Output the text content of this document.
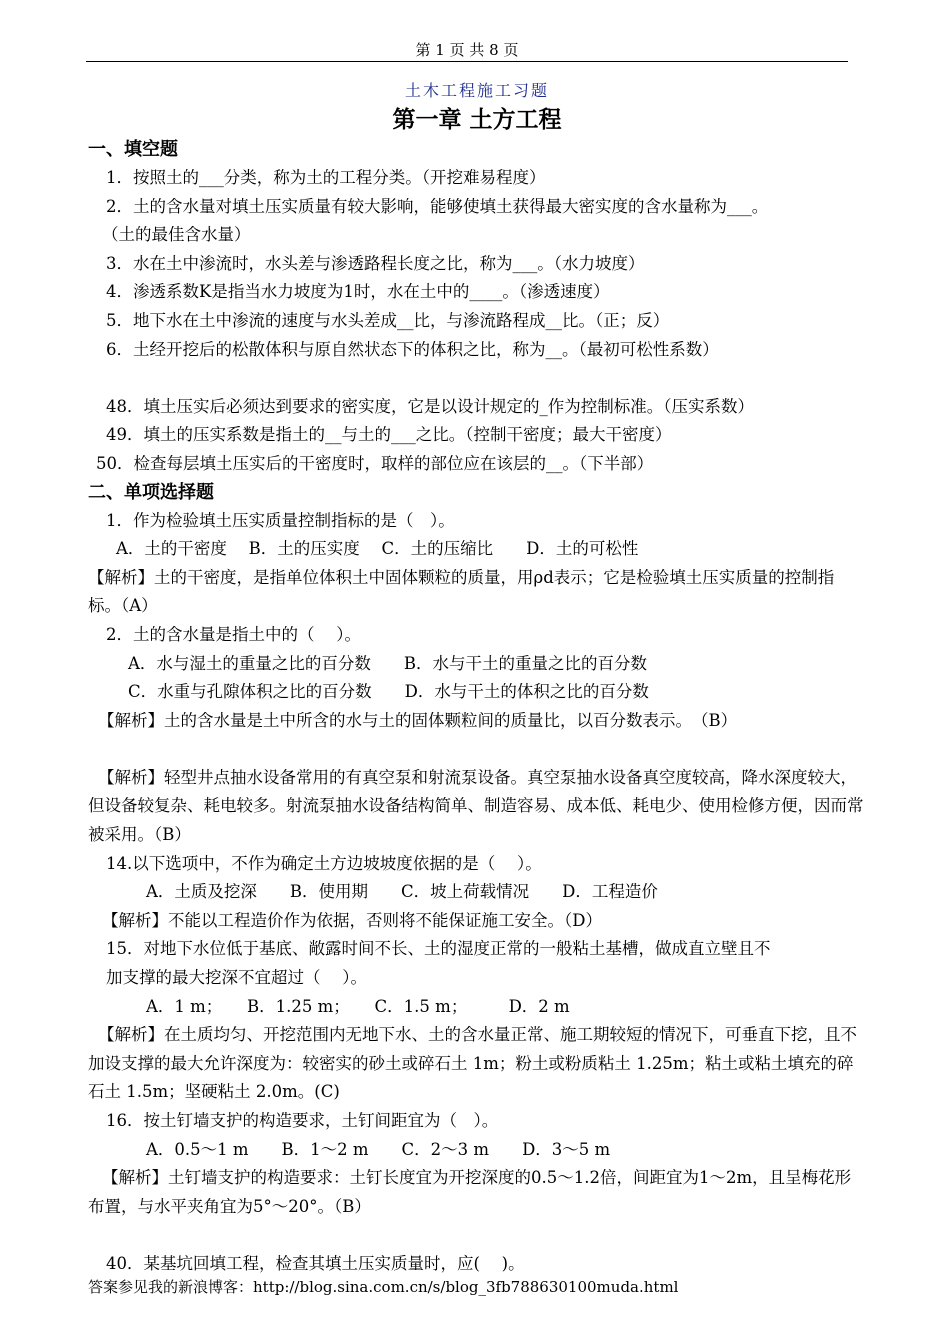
第 1 页 共 8 页
土木工程施工习题
第一章 土方工程
一、填空题
1．按照土的___分类，称为土的工程分类。（开挖难易程度）
2．土的含水量对填土压实质量有较大影响，能够使填土获得最大密实度的含水量称为___。
（土的最佳含水量）
3．水在土中渗流时，水头差与渗透路程长度之比，称为___。（水力坡度）
4．渗透系数K是指当水力坡度为1时，水在土中的____。（渗透速度）
5．地下水在土中渗流的速度与水头差成__比，与渗流路程成__比。（正；反）
6．土经开挖后的松散体积与原自然状态下的体积之比，称为__。（最初可松性系数）
48．填土压实后必须达到要求的密实度，它是以设计规定的_作为控制标准。（压实系数）
49．填土的压实系数是指土的__与土的___之比。（控制干密度；最大干密度）
50．检查每层填土压实后的干密度时，取样的部位应在该层的__。（下半部）
二、单项选择题
1．作为检验填土压实质量控制指标的是（　）。
A．土的干密度　 B．土的压实度　 C．土的压缩比　　D．土的可松性
【解析】土的干密度，是指单位体积土中固体颗粒的质量，用ρd表示；它是检验填土压实质量的控制指标。（A）
2．土的含水量是指土中的（　 ）。
A．水与湿土的重量之比的百分数　　B．水与干土的重量之比的百分数
C．水重与孔隙体积之比的百分数　　D．水与干土的体积之比的百分数
【解析】土的含水量是土中所含的水与土的固体颗粒间的质量比，以百分数表示。　（B）
【解析】轻型井点抽水设备常用的有真空泵和射流泵设备。真空泵抽水设备真空度较高，降水深度较大，但设备较复杂、耗电较多。射流泵抽水设备结构简单、制造容易、成本低、耗电少、使用检修方便，因而常被采用。（B）
14.以下选项中，不作为确定土方边坡坡度依据的是（　 ）。
A．土质及挖深　　B．使用期　　C．坡上荷载情况　　D．工程造价
【解析】不能以工程造价作为依据，否则将不能保证施工安全。（D）
15．对地下水位低于基底、敞露时间不长、土的湿度正常的一般粘土基槽，做成直立壁且不
加支撑的最大挖深不宜超过（　 ）。
A．1 m；　　B．1.25 m；　　C．1.5 m；　　　D．2 m
【解析】在土质均匀、开挖范围内无地下水、土的含水量正常、施工期较短的情况下，可垂直下挖，且不加设支撑的最大允许深度为：较密实的砂土或碎石土 1m；粉土或粉质粘土 1.25m；粘土或粘土填充的碎石土 1.5m；坚硬粘土 2.0m。(C)
16．按土钉墙支护的构造要求，土钉间距宜为（　）。
A．0.5～1 m　　B．1～2 m　　C．2～3 m　　D．3～5 m
【解析】土钉墙支护的构造要求：土钉长度宜为开挖深度的0.5～1.2倍，间距宜为1～2m，且呈梅花形布置，与水平夹角宜为5°～20°。（B）
40．某基坑回填工程，检查其填土压实质量时，应(　 )。
答案参见我的新浪博客：http://blog.sina.com.cn/s/blog_3fb788630100muda.html
